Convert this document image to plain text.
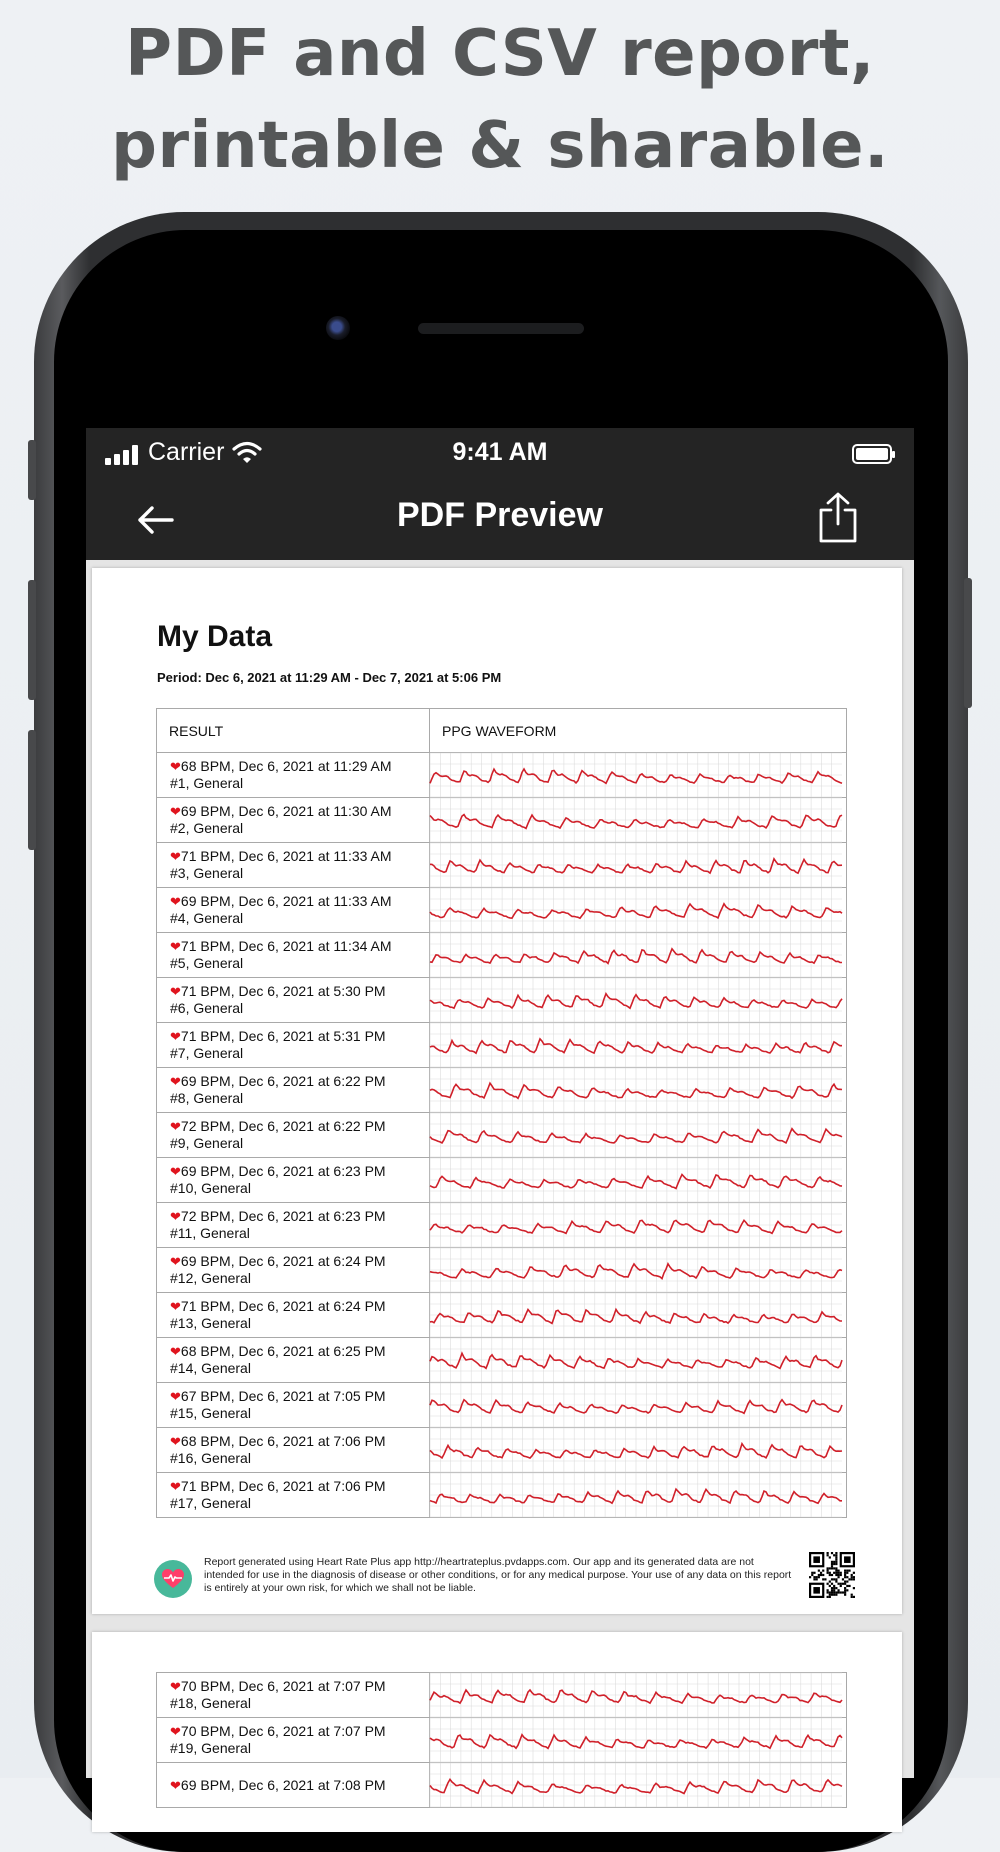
PDF and CSV report,
printable & sharable.
Carrier	9:41 AM
PDF Preview
My Data
Period: Dec 6, 2021 at 11:29 AM - Dec 7, 2021 at 5:06 PM
RESULT	PPG WAVEFORM
❤68 BPM, Dec 6, 2021 at 11:29 AM
#1, General	

❤69 BPM, Dec 6, 2021 at 11:30 AM
#2, General	

❤71 BPM, Dec 6, 2021 at 11:33 AM
#3, General	

❤69 BPM, Dec 6, 2021 at 11:33 AM
#4, General	

❤71 BPM, Dec 6, 2021 at 11:34 AM
#5, General	

❤71 BPM, Dec 6, 2021 at 5:30 PM
#6, General	

❤71 BPM, Dec 6, 2021 at 5:31 PM
#7, General	

❤69 BPM, Dec 6, 2021 at 6:22 PM
#8, General	

❤72 BPM, Dec 6, 2021 at 6:22 PM
#9, General	

❤69 BPM, Dec 6, 2021 at 6:23 PM
#10, General	

❤72 BPM, Dec 6, 2021 at 6:23 PM
#11, General	

❤69 BPM, Dec 6, 2021 at 6:24 PM
#12, General	

❤71 BPM, Dec 6, 2021 at 6:24 PM
#13, General	

❤68 BPM, Dec 6, 2021 at 6:25 PM
#14, General	

❤67 BPM, Dec 6, 2021 at 7:05 PM
#15, General	

❤68 BPM, Dec 6, 2021 at 7:06 PM
#16, General	

❤71 BPM, Dec 6, 2021 at 7:06 PM
#17, General	
Report generated using Heart Rate Plus app http://heartrateplus.pvdapps.com. Our app and its generated data are not intended for use in the diagnosis of disease or other conditions, or for any medical purpose. Your use of any data on this report is entirely at your own risk, for which we shall not be liable.
❤70 BPM, Dec 6, 2021 at 7:07 PM
#18, General	

❤70 BPM, Dec 6, 2021 at 7:07 PM
#19, General	

❤69 BPM, Dec 6, 2021 at 7:08 PM
